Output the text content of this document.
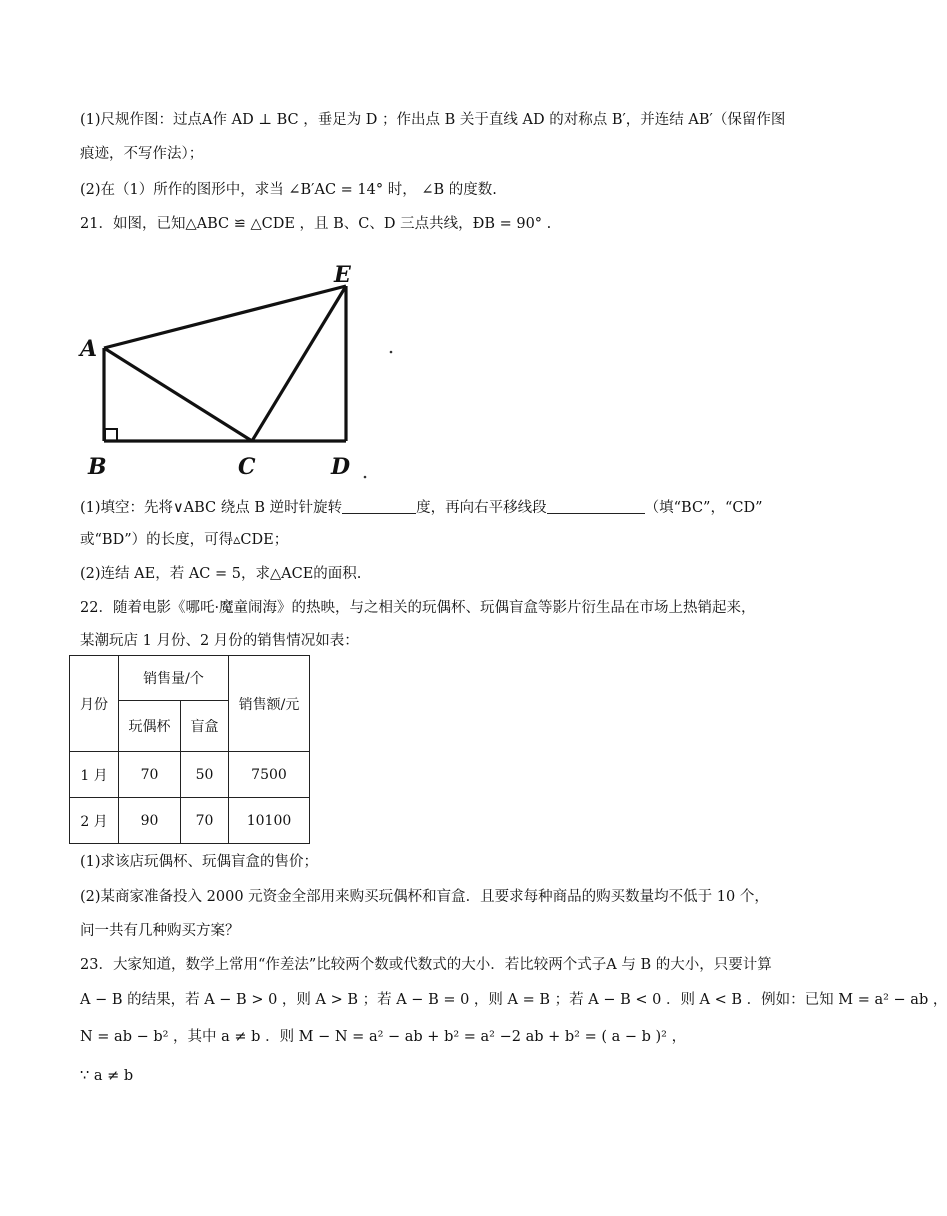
(1)尺规作图：过点A作 AD ⊥ BC ，垂足为 D ；作出点 B 关于直线 AD 的对称点 B′，并连结 AB′（保留作图
痕迹，不写作法）；
(2)在（1）所作的图形中，求当 ∠B′AC = 14° 时， ∠B 的度数.
21．如图，已知△ABC ≌ △CDE ，且 B、C、D 三点共线，ÐB = 90° .
A
B	C	D
E
(1)填空：先将∨ABC 绕点 B 逆时针旋转	度，再向右平移线段	（填“BC”，“CD”
或“BD”）的长度，可得▵CDE；
(2)连结 AE，若 AC = 5，求△ACE的面积.
22．随着电影《哪吒·魔童闹海》的热映，与之相关的玩偶杯、玩偶盲盒等影片衍生品在市场上热销起来，
某潮玩店 1 月份、2 月份的销售情况如表：
月份	销售量/个		销售额/元
	玩偶杯	盲盒	
1 月	70	50	7500
2 月	90	70	10100
(1)求该店玩偶杯、玩偶盲盒的售价；
(2)某商家准备投入 2000 元资金全部用来购买玩偶杯和盲盒．且要求每种商品的购买数量均不低于 10 个，
问一共有几种购买方案？
23．大家知道，数学上常用“作差法”比较两个数或代数式的大小．若比较两个式子A 与 B 的大小，只要计算
A − B 的结果，若 A − B > 0 ，则 A > B ；若 A − B = 0 ，则 A = B ；若 A − B < 0 ．则 A < B ．例如：已知 M = a² − ab ，
N = ab − b² ，其中 a ≠ b ．则 M − N = a² − ab + b² = a² −2 ab + b² = ( a − b )² ，
∵ a ≠ b
